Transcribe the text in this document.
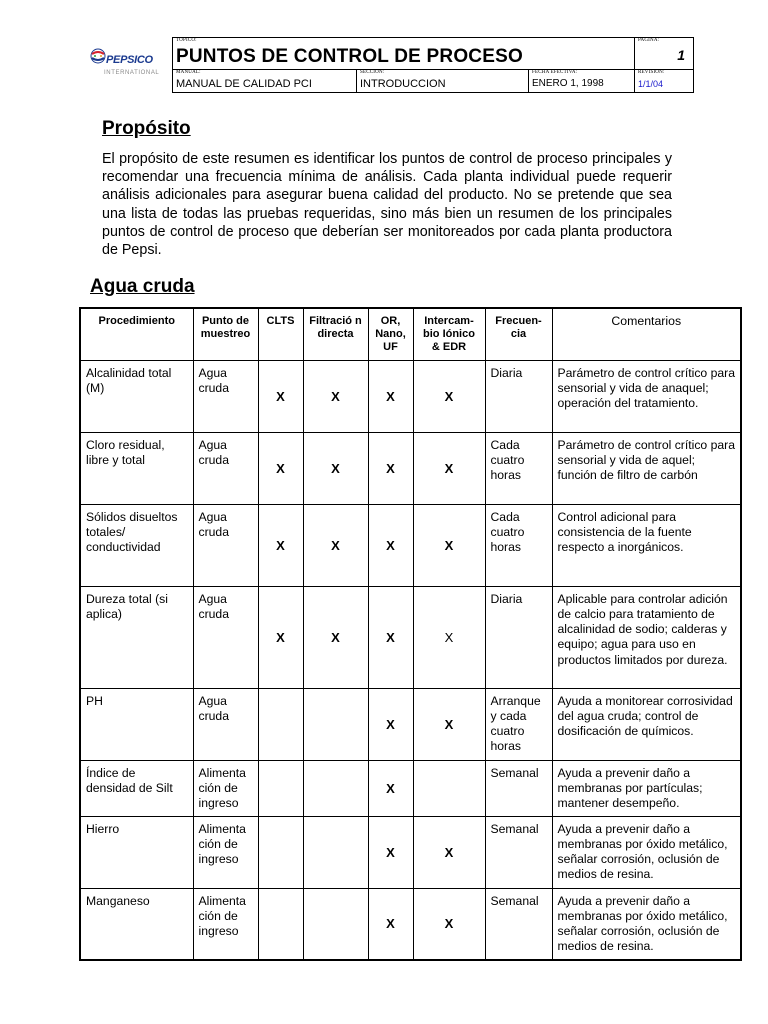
PEPSICO
INTERNATIONAL
TOPICO:
PUNTOS DE CONTROL DE PROCESO
PAGINA:
1
MANUAL:
MANUAL DE CALIDAD PCI
SECCION:
INTRODUCCION
FECHA EFECTIVA:
ENERO 1, 1998
REVISION:
1/1/04
Propósito

El propósito de este resumen es identificar los puntos de control de proceso principales y recomendar una frecuencia mínima de análisis. Cada planta individual puede requerir análisis adicionales para asegurar buena calidad del producto. No se pretende que sea una lista de todas las pruebas requeridas, sino más bien un resumen de los principales puntos de control de proceso que deberían ser monitoreados por cada planta productora de Pepsi.

Agua cruda
Procedimiento	Punto de muestreo	CLTS	Filtració n directa	OR, Nano, UF	Intercam-bio Iónico & EDR	Frecuen-cia	Comentarios
Alcalinidad total (M)	Agua cruda	X	X	X	X	Diaria	Parámetro de control crítico para sensorial y vida de anaquel; operación del tratamiento.
Cloro residual, libre y total	Agua cruda	X	X	X	X	Cada cuatro horas	Parámetro de control crítico para sensorial y vida de aquel; función de filtro de carbón
Sólidos disueltos totales/ conductividad	Agua cruda	X	X	X	X	Cada cuatro horas	Control adicional para consistencia de la fuente respecto a inorgánicos.
Dureza total (si aplica)	Agua cruda	X	X	X	X	Diaria	Aplicable para controlar adición de calcio para tratamiento de alcalinidad de sodio; calderas y equipo; agua para uso en productos limitados por dureza.
PH	Agua cruda			X	X	Arranque y cada cuatro horas	Ayuda a monitorear corrosividad del agua cruda; control de dosificación de químicos.
Índice de densidad de Silt	Alimenta ción de ingreso			X		Semanal	Ayuda a prevenir daño a membranas por partículas; mantener desempeño.
Hierro	Alimenta ción de ingreso			X	X	Semanal	Ayuda a prevenir daño a membranas por óxido metálico, señalar corrosión, oclusión de medios de resina.
Manganeso	Alimenta ción de ingreso			X	X	Semanal	Ayuda a prevenir daño a membranas por óxido metálico, señalar corrosión, oclusión de medios de resina.
